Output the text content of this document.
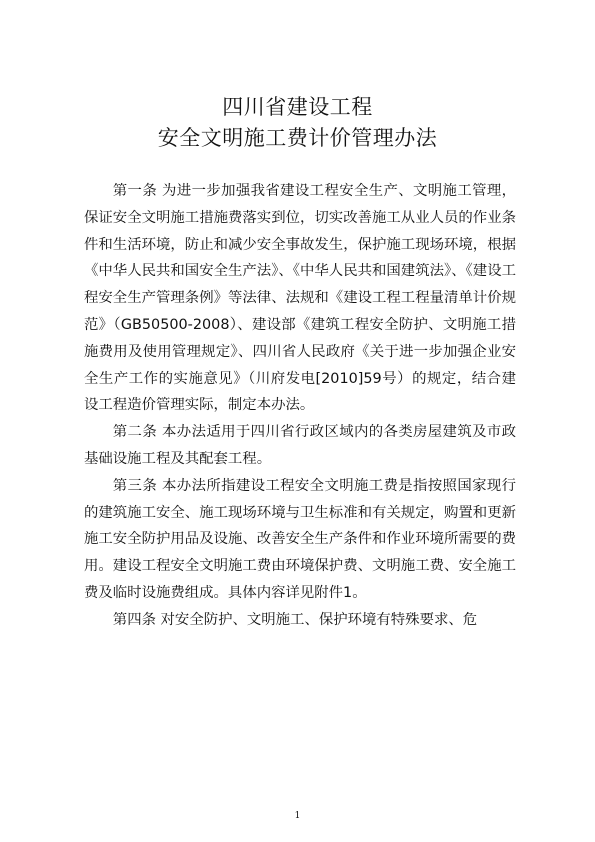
四川省建设工程
安全文明施工费计价管理办法

第一条 为进一步加强我省建设工程安全生产、文明施工管理，保证安全文明施工措施费落实到位，切实改善施工从业人员的作业条件和生活环境，防止和减少安全事故发生，保护施工现场环境，根据《中华人民共和国安全生产法》、《中华人民共和国建筑法》、《建设工程安全生产管理条例》等法律、法规和《建设工程工程量清单计价规范》（GB50500-2008）、建设部《建筑工程安全防护、文明施工措施费用及使用管理规定》、四川省人民政府《关于进一步加强企业安全生产工作的实施意见》（川府发电[2010]59号）的规定，结合建设工程造价管理实际，制定本办法。

第二条 本办法适用于四川省行政区域内的各类房屋建筑及市政基础设施工程及其配套工程。

第三条 本办法所指建设工程安全文明施工费是指按照国家现行的建筑施工安全、施工现场环境与卫生标准和有关规定，购置和更新施工安全防护用品及设施、改善安全生产条件和作业环境所需要的费用。建设工程安全文明施工费由环境保护费、文明施工费、安全施工费及临时设施费组成。具体内容详见附件1。

第四条 对安全防护、文明施工、保护环境有特殊要求、危

1
